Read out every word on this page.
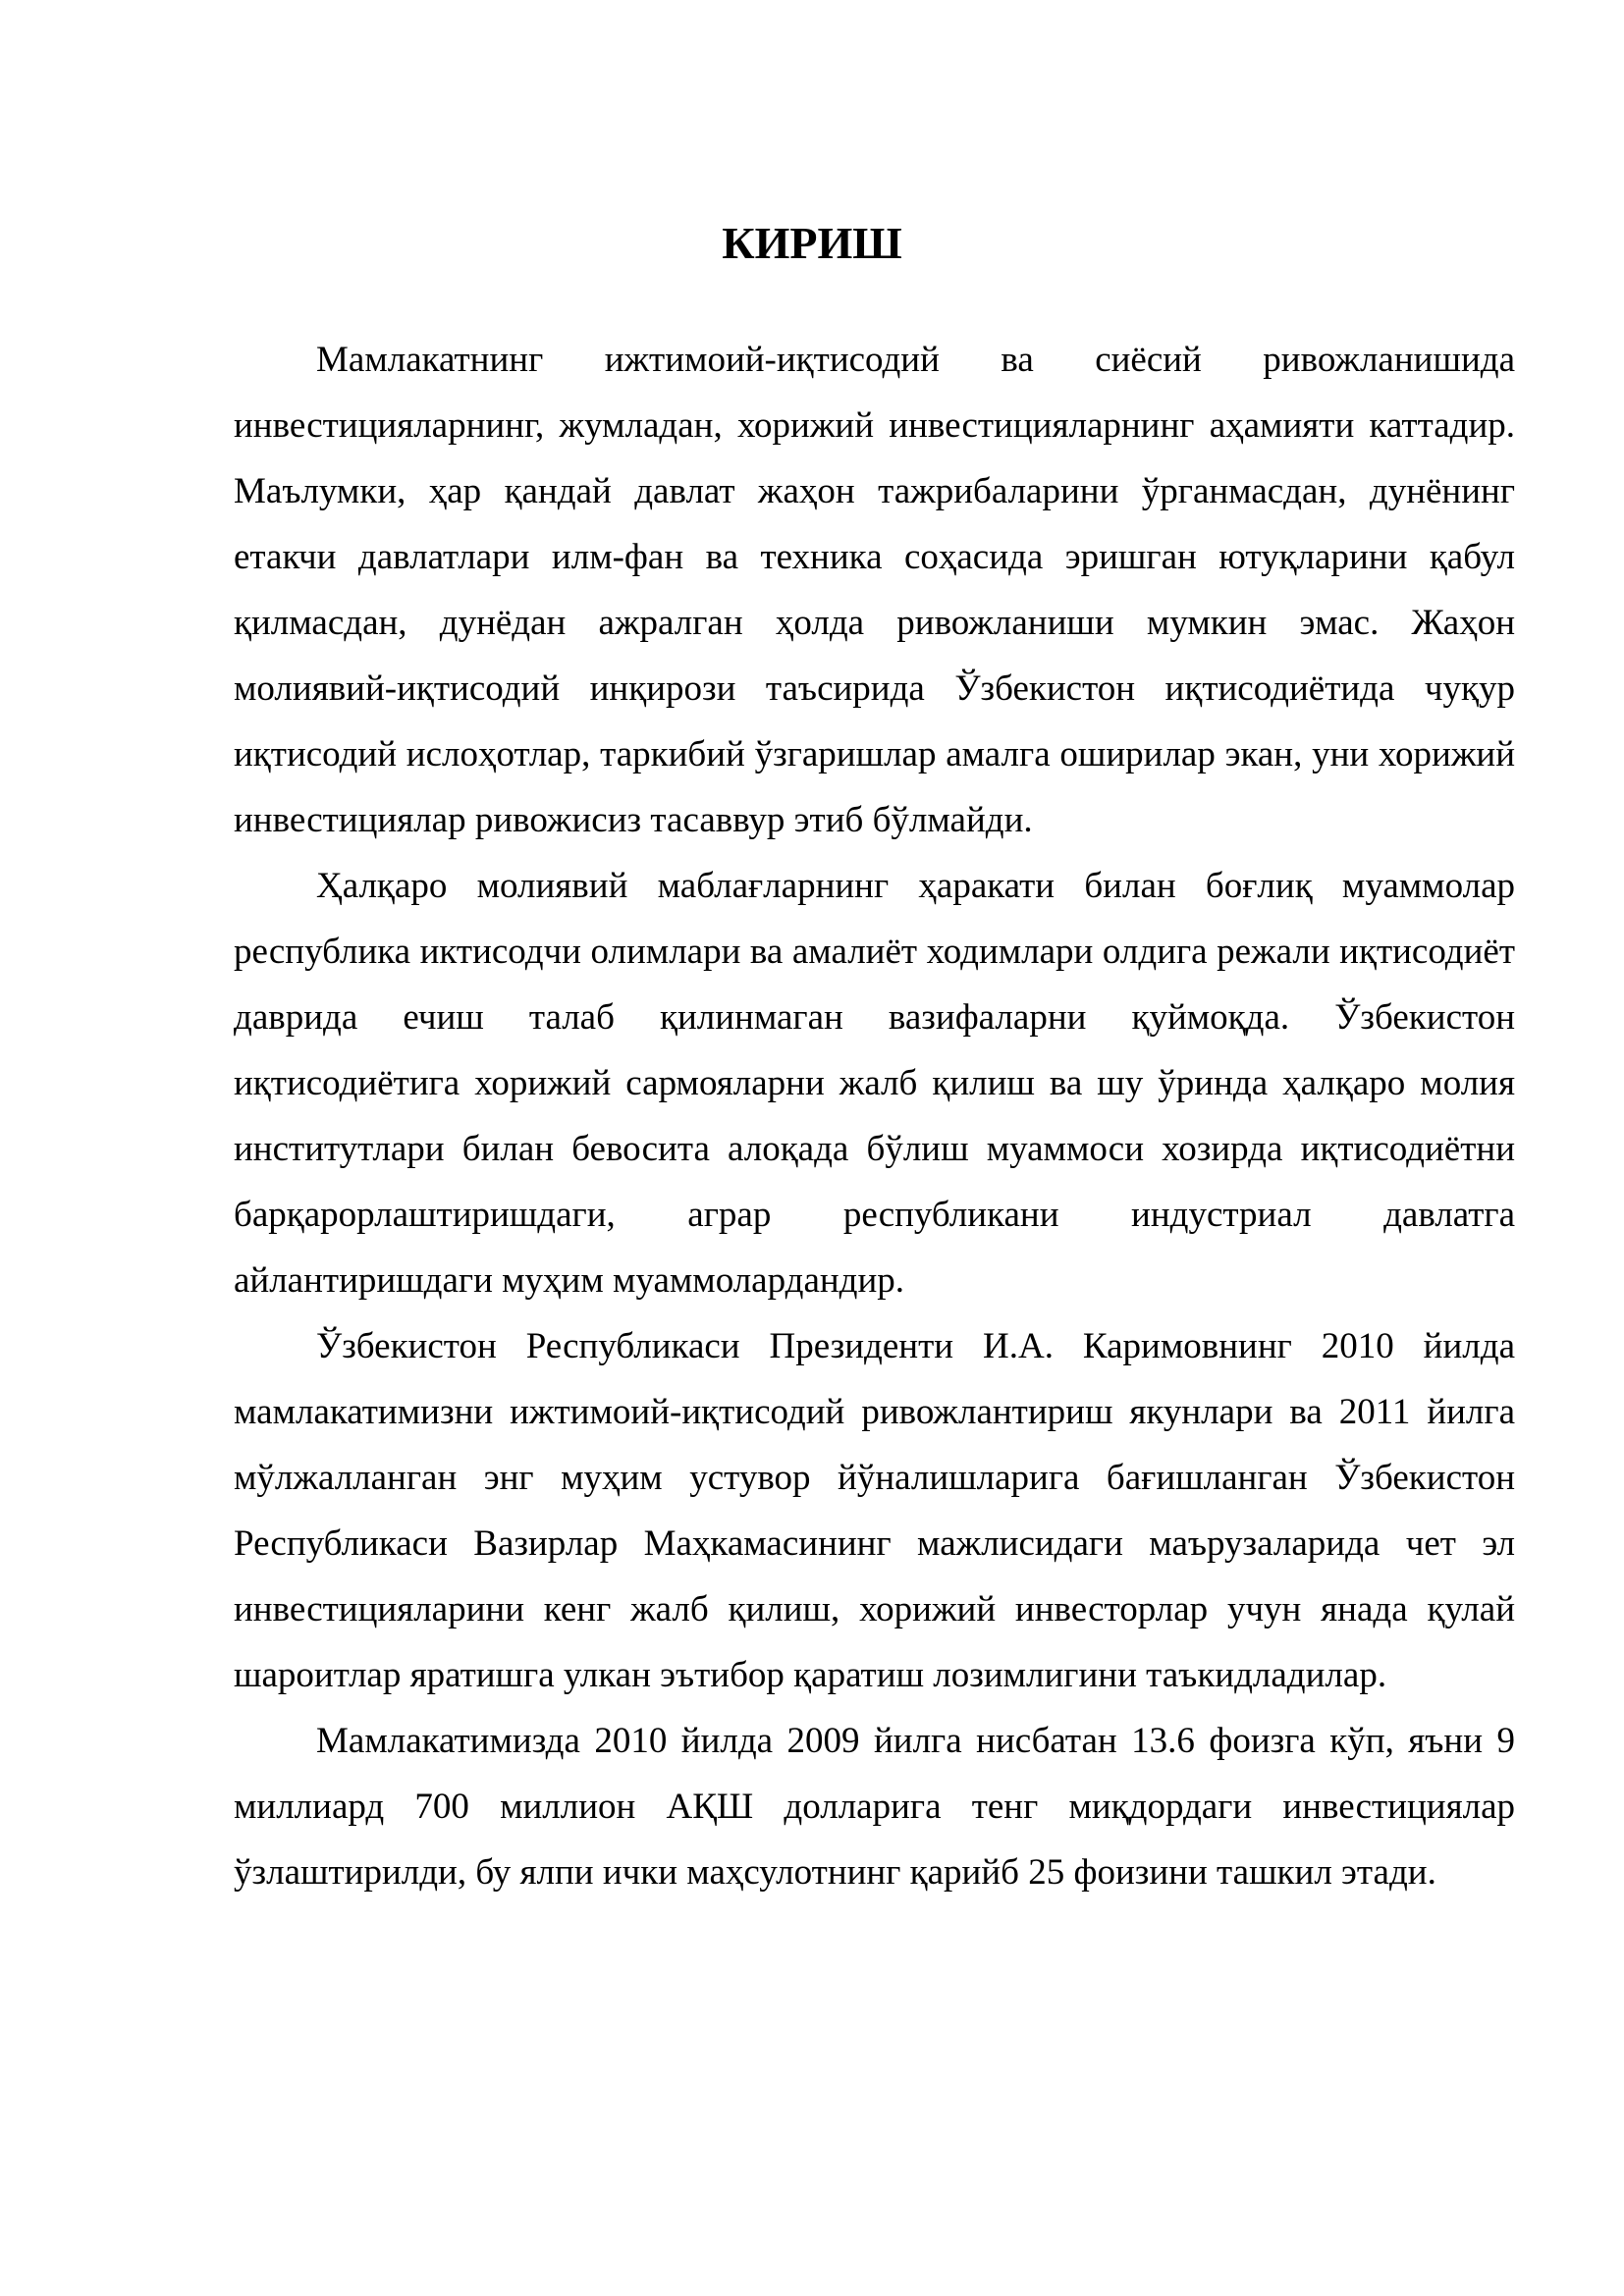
КИРИШ

Мамлакатнинг ижтимоий-иқтисодий ва сиёсий ривожланишида инвестицияларнинг, жумладан, хорижий инвестицияларнинг аҳамияти каттадир. Маълумки, ҳар қандай давлат жаҳон тажрибаларини ўрганмасдан, дунёнинг етакчи давлатлари илм-фан ва техника соҳасида эришган ютуқларини қабул қилмасдан, дунёдан ажралган ҳолда ривожланиши мумкин эмас. Жаҳон молиявий-иқтисодий инқирози таъсирида Ўзбекистон иқтисодиётида чуқур иқтисодий ислоҳотлар, таркибий ўзгаришлар амалга оширилар экан, уни хорижий инвестициялар ривожисиз тасаввур этиб бўлмайди.

Ҳалқаро молиявий маблағларнинг ҳаракати билан боғлиқ муаммолар республика иктисодчи олимлари ва амалиёт ходимлари олдига режали иқтисодиёт даврида ечиш талаб қилинмаган вазифаларни қуймоқда. Ўзбекистон иқтисодиётига хорижий сармояларни жалб қилиш ва шу ўринда ҳалқаро молия институтлари билан бевосита алоқада бўлиш муаммоси хозирда иқтисодиётни барқарорлаштиришдаги, аграр республикани индустриал давлатга айлантиришдаги муҳим муаммолардандир.

Ўзбекистон Республикаси Президенти И.А. Каримовнинг 2010 йилда мамлакатимизни ижтимоий-иқтисодий ривожлантириш якунлари ва 2011 йилга мўлжалланган энг муҳим устувор йўналишларига бағишланган Ўзбекистон Республикаси Вазирлар Маҳкамасининг мажлисидаги маърузаларида чет эл инвестицияларини кенг жалб қилиш, хорижий инвесторлар учун янада қулай шароитлар яратишга улкан эътибор қаратиш лозимлигини таъкидладилар.

Мамлакатимизда 2010 йилда 2009 йилга нисбатан 13.6 фоизга кўп, яъни 9 миллиард 700 миллион АҚШ долларига тенг миқдордаги инвестициялар ўзлаштирилди, бу ялпи ички маҳсулотнинг қарийб 25 фоизини ташкил этади.
